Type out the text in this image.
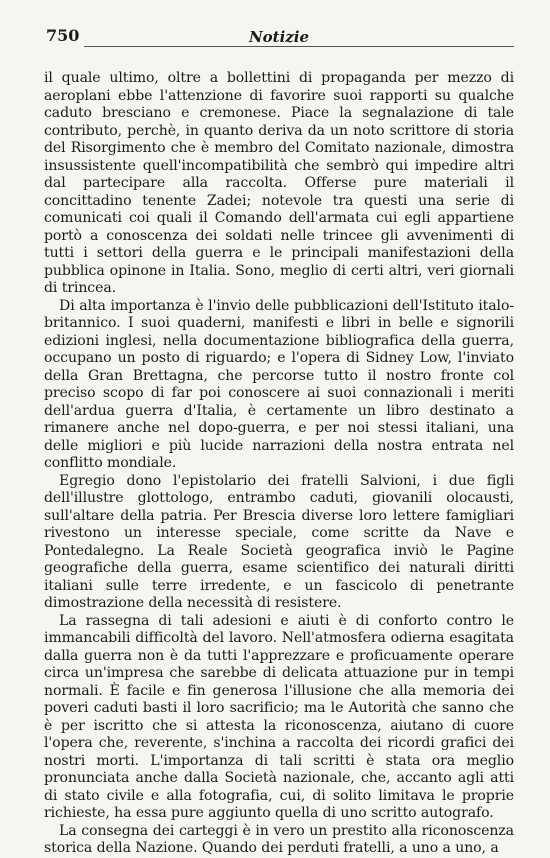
750	Notizie

il quale ultimo, oltre a bollettini di propaganda per mezzo di aeroplani ebbe l'attenzione di favorire suoi rapporti su qualche caduto bresciano e cremonese. Piace la segnalazione di tale contributo, perchè, in quanto deriva da un noto scrittore di storia del Risorgimento che è membro del Comitato nazionale, dimostra insussistente quell'incompatibilità che sembrò qui impedire altri dal partecipare alla raccolta. Offerse pure materiali il concittadino tenente Zadei; notevole tra questi una serie di comunicati coi quali il Comando dell'armata cui egli appartiene portò a conoscenza dei soldati nelle trincee gli avvenimenti di tutti i settori della guerra e le principali manifestazioni della pubblica opinone in Italia. Sono, meglio di certi altri, veri giornali di trincea.

Di alta importanza è l'invio delle pubblicazioni dell'Istituto italo-britannico. I suoi quaderni, manifesti e libri in belle e signorili edizioni inglesi, nella documentazione bibliografica della guerra, occupano un posto di riguardo; e l'opera di Sidney Low, l'inviato della Gran Brettagna, che percorse tutto il nostro fronte col preciso scopo di far poi conoscere ai suoi connazionali i meriti dell'ardua guerra d'Italia, è certamente un libro destinato a rimanere anche nel dopo-guerra, e per noi stessi italiani, una delle migliori e più lucide narrazioni della nostra entrata nel conflitto mondiale.

Egregio dono l'epistolario dei fratelli Salvioni, i due figli dell'illustre glottologo, entrambo caduti, giovanili olocausti, sull'altare della patria. Per Brescia diverse loro lettere famigliari rivestono un interesse speciale, come scritte da Nave e Pontedalegno. La Reale Società geografica inviò le Pagine geografiche della guerra, esame scientifico dei naturali diritti italiani sulle terre irredente, e un fascicolo di penetrante dimostrazione della necessità di resistere.

La rassegna di tali adesioni e aiuti è di conforto contro le immancabili difficoltà del lavoro. Nell'atmosfera odierna esagitata dalla guerra non è da tutti l'apprezzare e proficuamente operare circa un'impresa che sarebbe di delicata attuazione pur in tempi normali. È facile e fin generosa l'illusione che alla memoria dei poveri caduti basti il loro sacrificio; ma le Autorità che sanno che è per iscritto che si attesta la riconoscenza, aiutano di cuore l'opera che, reverente, s'inchina a raccolta dei ricordi grafici dei nostri morti. L'importanza di tali scritti è stata ora meglio pronunciata anche dalla Società nazionale, che, accanto agli atti di stato civile e alla fotografia, cui, di solito limitava le proprie richieste, ha essa pure aggiunto quella di uno scritto autografo.

La consegna dei carteggi è in vero un prestito alla riconoscenza storica della Nazione. Quando dei perduti fratelli, a uno a uno, a
